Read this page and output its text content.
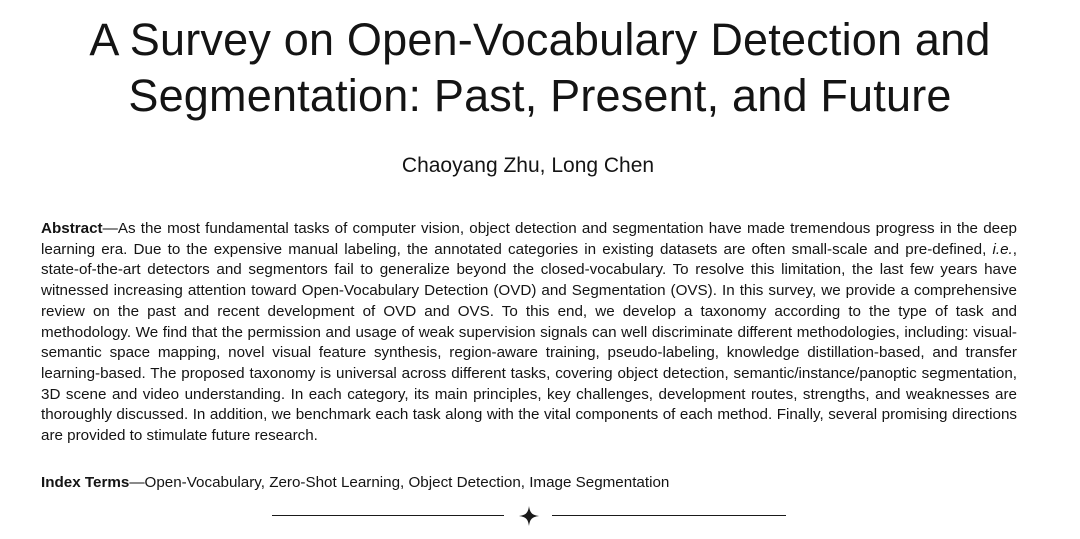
A Survey on Open-Vocabulary Detection and
Segmentation: Past, Present, and Future
Chaoyang Zhu, Long Chen

Abstract—As the most fundamental tasks of computer vision, object detection and segmentation have made tremendous progress in the deep learning era. Due to the expensive manual labeling, the annotated categories in existing datasets are often small-scale and pre-defined, i.e., state-of-the-art detectors and segmentors fail to generalize beyond the closed-vocabulary. To resolve this limitation, the last few years have witnessed increasing attention toward Open-Vocabulary Detection (OVD) and Segmentation (OVS). In this survey, we provide a comprehensive review on the past and recent development of OVD and OVS. To this end, we develop a taxonomy according to the type of task and methodology. We find that the permission and usage of weak supervision signals can well discriminate different methodologies, including: visual-semantic space mapping, novel visual feature synthesis, region-aware training, pseudo-labeling, knowledge distillation-based, and transfer learning-based. The proposed taxonomy is universal across different tasks, covering object detection, semantic/instance/panoptic segmentation, 3D scene and video understanding. In each category, its main principles, key challenges, development routes, strengths, and weaknesses are thoroughly discussed. In addition, we benchmark each task along with the vital components of each method. Finally, several promising directions are provided to stimulate future research.

Index Terms—Open-Vocabulary, Zero-Shot Learning, Object Detection, Image Segmentation
